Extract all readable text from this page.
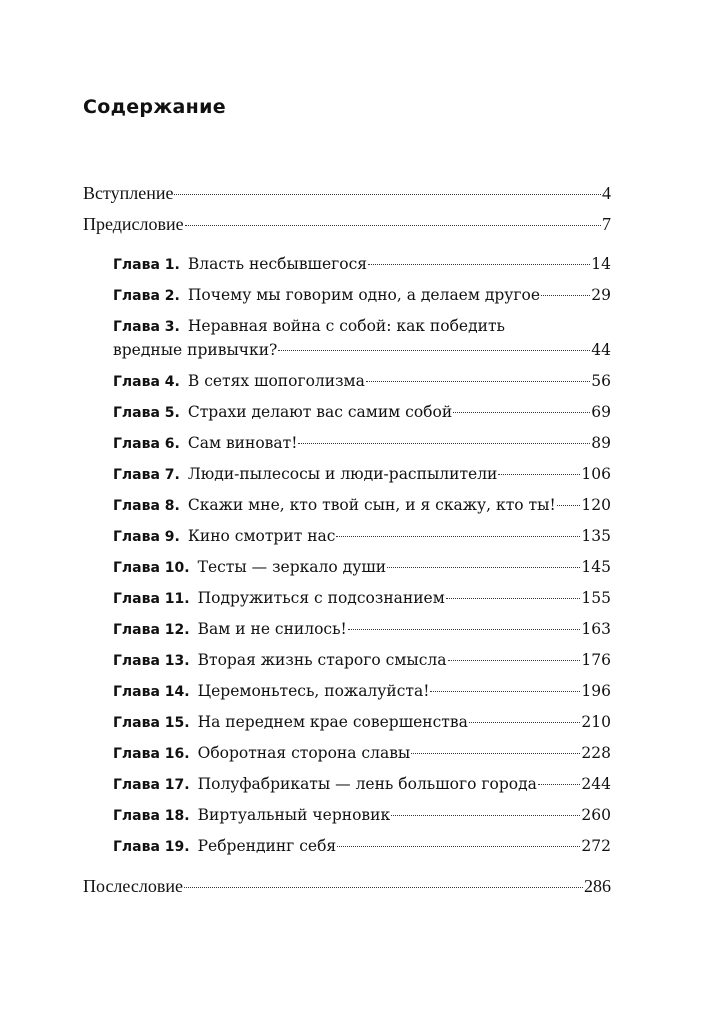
Содержание
Вступление	4
Предисловие	7
Глава 1. Власть несбывшегося	14
Глава 2. Почему мы говорим одно, а делаем другое	29
Глава 3. Неравная война с собой: как победить
вредные привычки?	44
Глава 4. В сетях шопоголизма	56
Глава 5. Страхи делают вас самим собой	69
Глава 6. Сам виноват!	89
Глава 7. Люди-пылесосы и люди-распылители	106
Глава 8. Скажи мне, кто твой сын, и я скажу, кто ты! 120
Глава 9. Кино смотрит нас	135
Глава 10. Тесты — зеркало души	145
Глава 11. Подружиться с подсознанием	155
Глава 12. Вам и не снилось!	163
Глава 13. Вторая жизнь старого смысла	176
Глава 14. Церемоньтесь, пожалуйста!	196
Глава 15. На переднем крае совершенства	210
Глава 16. Оборотная сторона славы	228
Глава 17. Полуфабрикаты — лень большого города	244
Глава 18. Виртуальный черновик	260
Глава 19. Ребрендинг себя	272
Послесловие	286
